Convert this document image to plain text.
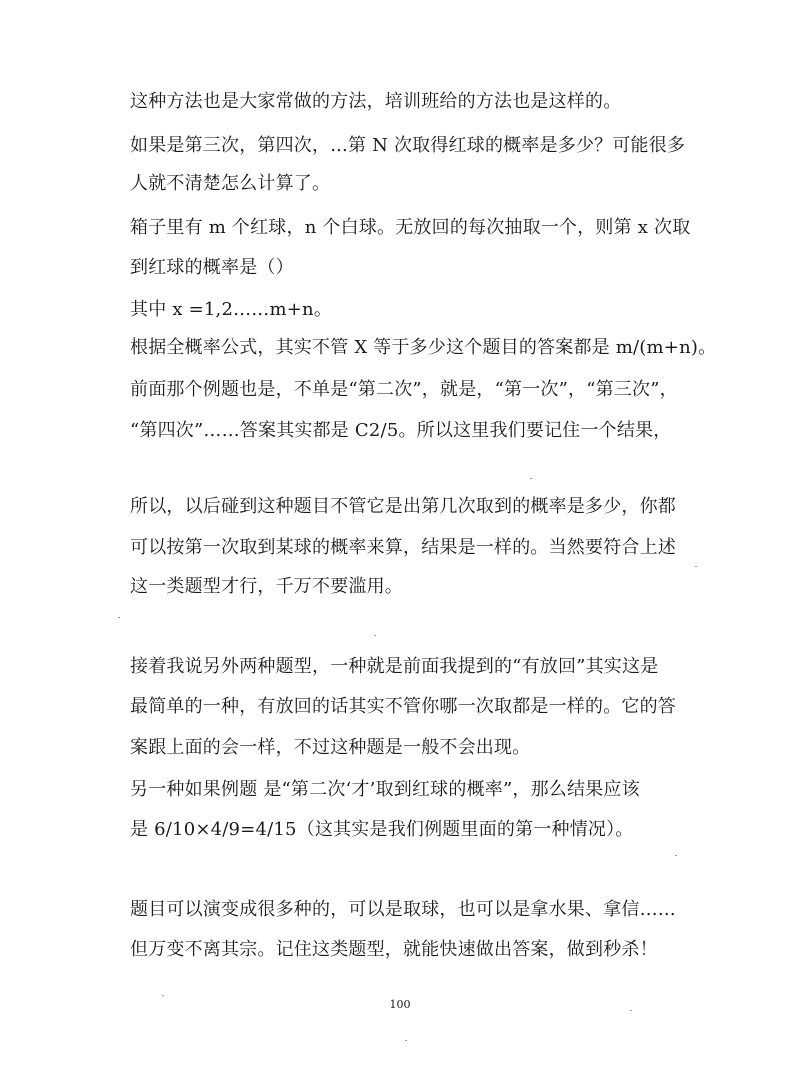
这种方法也是大家常做的方法，培训班给的方法也是这样的。
如果是第三次，第四次，...第 N 次取得红球的概率是多少？可能很多
人就不清楚怎么计算了。
箱子里有 m 个红球，n 个白球。无放回的每次抽取一个，则第 x 次取
到红球的概率是（）
其中 x =1,2……m+n。
根据全概率公式，其实不管 X 等于多少这个题目的答案都是 m/(m+n)。
前面那个例题也是，不单是“第二次”，就是，“第一次”，“第三次”，
“第四次”……答案其实都是 C2/5。所以这里我们要记住一个结果，
所以，以后碰到这种题目不管它是出第几次取到的概率是多少，你都
可以按第一次取到某球的概率来算，结果是一样的。当然要符合上述
这一类题型才行，千万不要滥用。
接着我说另外两种题型，一种就是前面我提到的“有放回”其实这是
最简单的一种，有放回的话其实不管你哪一次取都是一样的。它的答
案跟上面的会一样，不过这种题是一般不会出现。
另一种如果例题 是“第二次‘才’取到红球的概率”，那么结果应该
是 6/10×4/9=4/15（这其实是我们例题里面的第一种情况）。
题目可以演变成很多种的，可以是取球，也可以是拿水果、拿信……
但万变不离其宗。记住这类题型，就能快速做出答案，做到秒杀！
100
